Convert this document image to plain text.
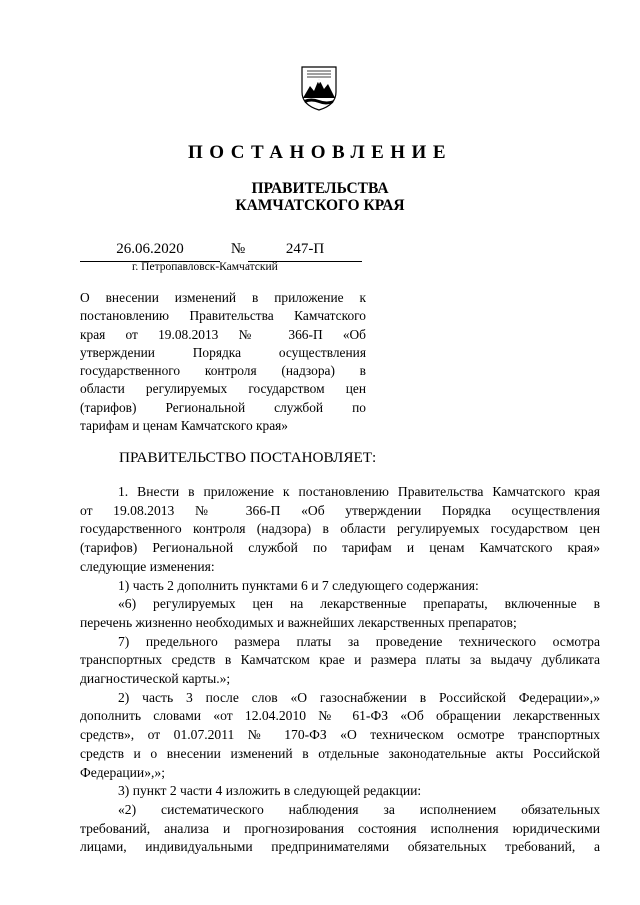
ПОСТАНОВЛЕНИЕ
ПРАВИТЕЛЬСТВА
КАМЧАТСКОГО КРАЯ
26.06.2020	№	247-П
г. Петропавловск-Камчатский
О внесении изменений в приложение к
постановлению Правительства Камчатского
края от 19.08.2013 № 366-П «Об
утверждении Порядка осуществления
государственного контроля (надзора) в
области регулируемых государством цен
(тарифов) Региональной службой по
тарифам и ценам Камчатского края»
ПРАВИТЕЛЬСТВО ПОСТАНОВЛЯЕТ:
1. Внести в приложение к постановлению Правительства Камчатского края
от 19.08.2013 № 366-П «Об утверждении Порядка осуществления
государственного контроля (надзора) в области регулируемых государством цен
(тарифов) Региональной службой по тарифам и ценам Камчатского края»
следующие изменения:
1) часть 2 дополнить пунктами 6 и 7 следующего содержания:
«6) регулируемых цен на лекарственные препараты, включенные в
перечень жизненно необходимых и важнейших лекарственных препаратов;
7) предельного размера платы за проведение технического осмотра
транспортных средств в Камчатском крае и размера платы за выдачу дубликата
диагностической карты.»;
2) часть 3 после слов «О газоснабжении в Российской Федерации»,»
дополнить словами «от 12.04.2010 № 61-ФЗ «Об обращении лекарственных
средств», от 01.07.2011 № 170-ФЗ «О техническом осмотре транспортных
средств и о внесении изменений в отдельные законодательные акты Российской
Федерации»,»;
3) пункт 2 части 4 изложить в следующей редакции:
«2) систематического наблюдения за исполнением обязательных
требований, анализа и прогнозирования состояния исполнения юридическими
лицами, индивидуальными предпринимателями обязательных требований, а
